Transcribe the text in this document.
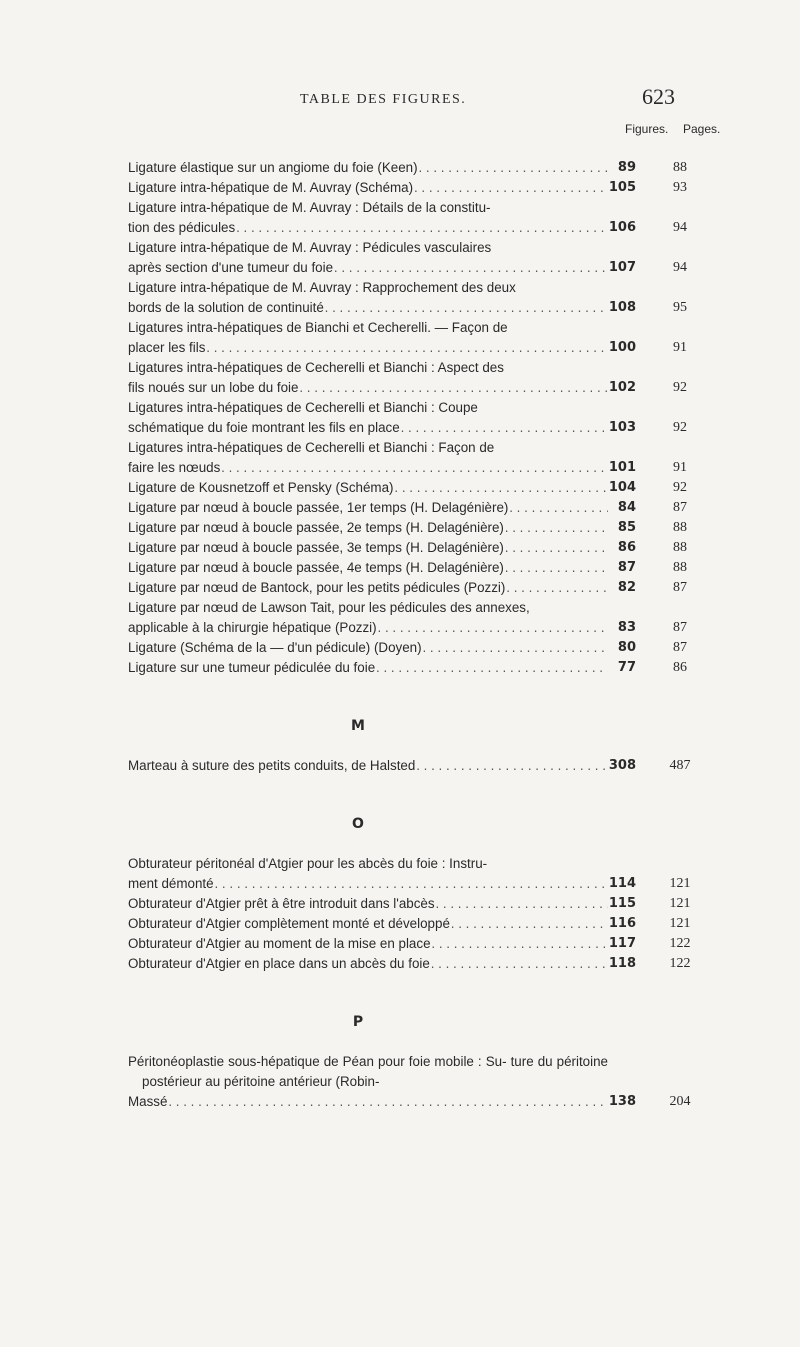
TABLE DES FIGURES.	623
Figures. Pages.
Ligature élastique sur un angiome du foie (Keen) . . .	89	88
Ligature intra-hépatique de M. Auvray (Schéma) . . .	105	93
Ligature intra-hépatique de M. Auvray : Détails de la constitu-
tion des pédicules . . .	106	94
Ligature intra-hépatique de M. Auvray : Pédicules vasculaires
après section d'une tumeur du foie . . .	107	94
Ligature intra-hépatique de M. Auvray : Rapprochement des deux
bords de la solution de continuité . . .	108	95
Ligatures intra-hépatiques de Bianchi et Cecherelli. — Façon de
placer les fils . . .	100	91
Ligatures intra-hépatiques de Cecherelli et Bianchi : Aspect des
fils noués sur un lobe du foie . . .	102	92
Ligatures intra-hépatiques de Cecherelli et Bianchi : Coupe
schématique du foie montrant les fils en place . . .	103	92
Ligatures intra-hépatiques de Cecherelli et Bianchi : Façon de
faire les nœuds . . .	101	91
Ligature de Kousnetzoff et Pensky (Schéma) . . .	104	92
Ligature par nœud à boucle passée, 1er temps (H. Delagénière) . . .	84	87
Ligature par nœud à boucle passée, 2e temps (H. Delagénière) . . .	85	88
Ligature par nœud à boucle passée, 3e temps (H. Delagénière) . . .	86	88
Ligature par nœud à boucle passée, 4e temps (H. Delagénière) . . .	87	88
Ligature par nœud de Bantock, pour les petits pédicules (Pozzi) . . .	82	87
Ligature par nœud de Lawson Tait, pour les pédicules des annexes,
applicable à la chirurgie hépatique (Pozzi) . . .	83	87
Ligature (Schéma de la — d'un pédicule) (Doyen) . . .	80	87
Ligature sur une tumeur pédiculée du foie . . .	77	86
M
Marteau à suture des petits conduits, de Halsted . . .	308	487
O
Obturateur péritonéal d'Atgier pour les abcès du foie : Instru-
ment démonté . . .	114	121
Obturateur d'Atgier prêt à être introduit dans l'abcès . . .	115	121
Obturateur d'Atgier complètement monté et développé . . .	116	121
Obturateur d'Atgier au moment de la mise en place . . .	117	122
Obturateur d'Atgier en place dans un abcès du foie . . .	118	122
P
Péritonéoplastie sous-hépatique de Péan pour foie mobile : Su- ture du péritoine postérieur au péritoine antérieur (Robin-
Massé . . .	138	204
